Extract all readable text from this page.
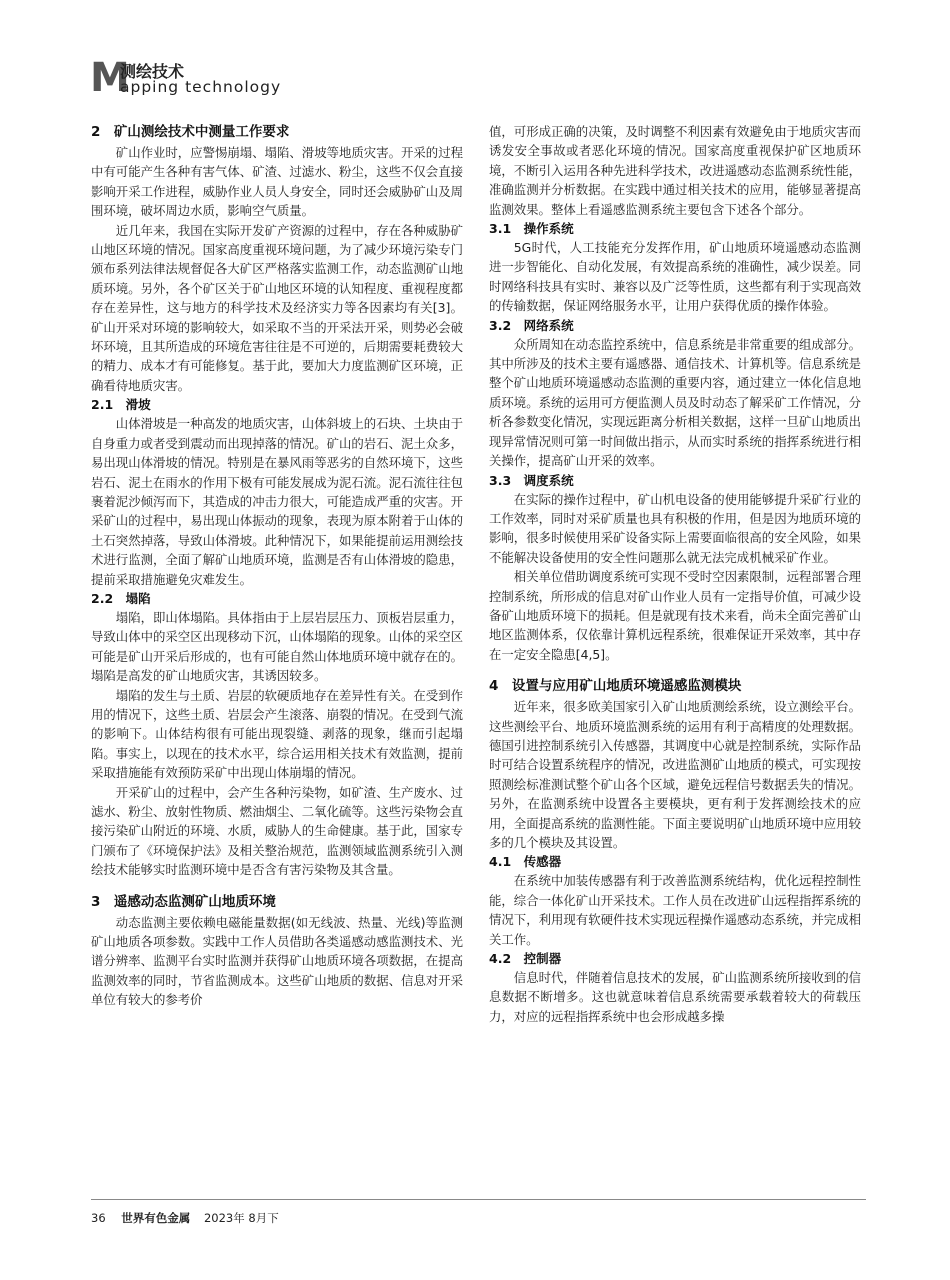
M
测绘技术
apping technology
2　矿山测绘技术中测量工作要求

矿山作业时，应警惕崩塌、塌陷、滑坡等地质灾害。开采的过程中有可能产生各种有害气体、矿渣、过滤水、粉尘，这些不仅会直接影响开采工作进程，威胁作业人员人身安全，同时还会威胁矿山及周围环境，破坏周边水质，影响空气质量。

近几年来，我国在实际开发矿产资源的过程中，存在各种威胁矿山地区环境的情况。国家高度重视环境问题，为了减少环境污染专门颁布系列法律法规督促各大矿区严格落实监测工作，动态监测矿山地质环境。另外，各个矿区关于矿山地区环境的认知程度、重视程度都存在差异性，这与地方的科学技术及经济实力等各因素均有关[3]。矿山开采对环境的影响较大，如采取不当的开采法开采，则势必会破坏环境，且其所造成的环境危害往往是不可逆的，后期需要耗费较大的精力、成本才有可能修复。基于此，要加大力度监测矿区环境，正确看待地质灾害。

2.1　滑坡

山体滑坡是一种高发的地质灾害，山体斜坡上的石块、土块由于自身重力或者受到震动而出现掉落的情况。矿山的岩石、泥土众多，易出现山体滑坡的情况。特别是在暴风雨等恶劣的自然环境下，这些岩石、泥土在雨水的作用下极有可能发展成为泥石流。泥石流往往包裹着泥沙倾泻而下，其造成的冲击力很大，可能造成严重的灾害。开采矿山的过程中，易出现山体振动的现象，表现为原本附着于山体的土石突然掉落，导致山体滑坡。此种情况下，如果能提前运用测绘技术进行监测，全面了解矿山地质环境，监测是否有山体滑坡的隐患，提前采取措施避免灾难发生。

2.2　塌陷

塌陷，即山体塌陷。具体指由于上层岩层压力、顶板岩层重力，导致山体中的采空区出现移动下沉，山体塌陷的现象。山体的采空区可能是矿山开采后形成的，也有可能自然山体地质环境中就存在的。塌陷是高发的矿山地质灾害，其诱因较多。

塌陷的发生与土质、岩层的软硬质地存在差异性有关。在受到作用的情况下，这些土质、岩层会产生滚落、崩裂的情况。在受到气流的影响下。山体结构很有可能出现裂缝、剥落的现象，继而引起塌陷。事实上，以现在的技术水平，综合运用相关技术有效监测，提前采取措施能有效预防采矿中出现山体崩塌的情况。

开采矿山的过程中，会产生各种污染物，如矿渣、生产废水、过滤水、粉尘、放射性物质、燃油烟尘、二氧化硫等。这些污染物会直接污染矿山附近的环境、水质，威胁人的生命健康。基于此，国家专门颁布了《环境保护法》及相关整治规范，监测领域监测系统引入测绘技术能够实时监测环境中是否含有害污染物及其含量。

3　遥感动态监测矿山地质环境

动态监测主要依赖电磁能量数据(如无线波、热量、光线)等监测矿山地质各项参数。实践中工作人员借助各类遥感动感监测技术、光谱分辨率、监测平台实时监测并获得矿山地质环境各项数据，在提高监测效率的同时，节省监测成本。这些矿山地质的数据、信息对开采单位有较大的参考价

值，可形成正确的决策，及时调整不利因素有效避免由于地质灾害而诱发安全事故或者恶化环境的情况。国家高度重视保护矿区地质环境，不断引入运用各种先进科学技术，改进遥感动态监测系统性能，准确监测并分析数据。在实践中通过相关技术的应用，能够显著提高监测效果。整体上看遥感监测系统主要包含下述各个部分。

3.1　操作系统

5G时代，人工技能充分发挥作用，矿山地质环境遥感动态监测进一步智能化、自动化发展，有效提高系统的准确性，减少误差。同时网络科技具有实时、兼容以及广泛等性质，这些都有利于实现高效的传输数据，保证网络服务水平，让用户获得优质的操作体验。

3.2　网络系统

众所周知在动态监控系统中，信息系统是非常重要的组成部分。其中所涉及的技术主要有遥感器、通信技术、计算机等。信息系统是整个矿山地质环境遥感动态监测的重要内容，通过建立一体化信息地质环境。系统的运用可方便监测人员及时动态了解采矿工作情况，分析各参数变化情况，实现远距离分析相关数据，这样一旦矿山地质出现异常情况则可第一时间做出指示，从而实时系统的指挥系统进行相关操作，提高矿山开采的效率。

3.3　调度系统

在实际的操作过程中，矿山机电设备的使用能够提升采矿行业的工作效率，同时对采矿质量也具有积极的作用，但是因为地质环境的影响，很多时候使用采矿设备实际上需要面临很高的安全风险，如果不能解决设备使用的安全性问题那么就无法完成机械采矿作业。

相关单位借助调度系统可实现不受时空因素限制，远程部署合理控制系统，所形成的信息对矿山作业人员有一定指导价值，可减少设备矿山地质环境下的损耗。但是就现有技术来看，尚未全面完善矿山地区监测体系，仅依靠计算机远程系统，很难保证开采效率，其中存在一定安全隐患[4,5]。

4　设置与应用矿山地质环境遥感监测模块

近年来，很多欧美国家引入矿山地质测绘系统，设立测绘平台。这些测绘平台、地质环境监测系统的运用有利于高精度的处理数据。德国引进控制系统引入传感器，其调度中心就是控制系统，实际作品时可结合设置系统程序的情况，改进监测矿山地质的模式，可实现按照测绘标准测试整个矿山各个区域，避免远程信号数据丢失的情况。另外，在监测系统中设置各主要模块，更有利于发挥测绘技术的应用，全面提高系统的监测性能。下面主要说明矿山地质环境中应用较多的几个模块及其设置。

4.1　传感器

在系统中加装传感器有利于改善监测系统结构，优化远程控制性能，综合一体化矿山开采技术。工作人员在改进矿山远程指挥系统的情况下，利用现有软硬件技术实现远程操作遥感动态系统，并完成相关工作。

4.2　控制器

信息时代，伴随着信息技术的发展，矿山监测系统所接收到的信息数据不断增多。这也就意味着信息系统需要承载着较大的荷载压力，对应的远程指挥系统中也会形成越多操

36 世界有色金属 2023年 8月下
